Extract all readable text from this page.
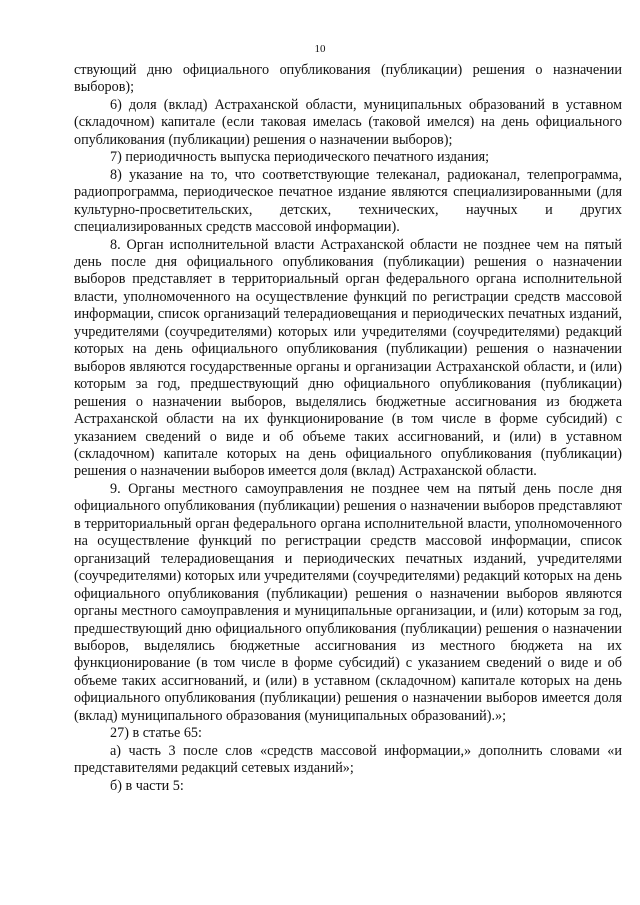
10

ствующий дню официального опубликования (публикации) решения о назначении выборов);

6) доля (вклад) Астраханской области, муниципальных образований в уставном (складочном) капитале (если таковая имелась (таковой имелся) на день официального опубликования (публикации) решения о назначении выборов);

7) периодичность выпуска периодического печатного издания;

8) указание на то, что соответствующие телеканал, радиоканал, телепрограмма, радиопрограмма, периодическое печатное издание являются специализированными (для культурно-просветительских, детских, технических, научных и других специализированных средств массовой информации).

8. Орган исполнительной власти Астраханской области не позднее чем на пятый день после дня официального опубликования (публикации) решения о назначении выборов представляет в территориальный орган федерального органа исполнительной власти, уполномоченного на осуществление функций по регистрации средств массовой информации, список организаций телерадиовещания и периодических печатных изданий, учредителями (соучредителями) которых или учредителями (соучредителями) редакций которых на день официального опубликования (публикации) решения о назначении выборов являются государственные органы и организации Астраханской области, и (или) которым за год, предшествующий дню официального опубликования (публикации) решения о назначении выборов, выделялись бюджетные ассигнования из бюджета Астраханской области на их функционирование (в том числе в форме субсидий) с указанием сведений о виде и об объеме таких ассигнований, и (или) в уставном (складочном) капитале которых на день официального опубликования (публикации) решения о назначении выборов имеется доля (вклад) Астраханской области.

9. Органы местного самоуправления не позднее чем на пятый день после дня официального опубликования (публикации) решения о назначении выборов представляют в территориальный орган федерального органа исполнительной власти, уполномоченного на осуществление функций по регистрации средств массовой информации, список организаций телерадиовещания и периодических печатных изданий, учредителями (соучредителями) которых или учредителями (соучредителями) редакций которых на день официального опубликования (публикации) решения о назначении выборов являются органы местного самоуправления и муниципальные организации, и (или) которым за год, предшествующий дню официального опубликования (публикации) решения о назначении выборов, выделялись бюджетные ассигнования из местного бюджета на их функционирование (в том числе в форме субсидий) с указанием сведений о виде и об объеме таких ассигнований, и (или) в уставном (складочном) капитале которых на день официального опубликования (публикации) решения о назначении выборов имеется доля (вклад) муниципального образования (муниципальных образований).»;

27) в статье 65:

а) часть 3 после слов «средств массовой информации,» дополнить словами «и представителями редакций сетевых изданий»;

б) в части 5:
